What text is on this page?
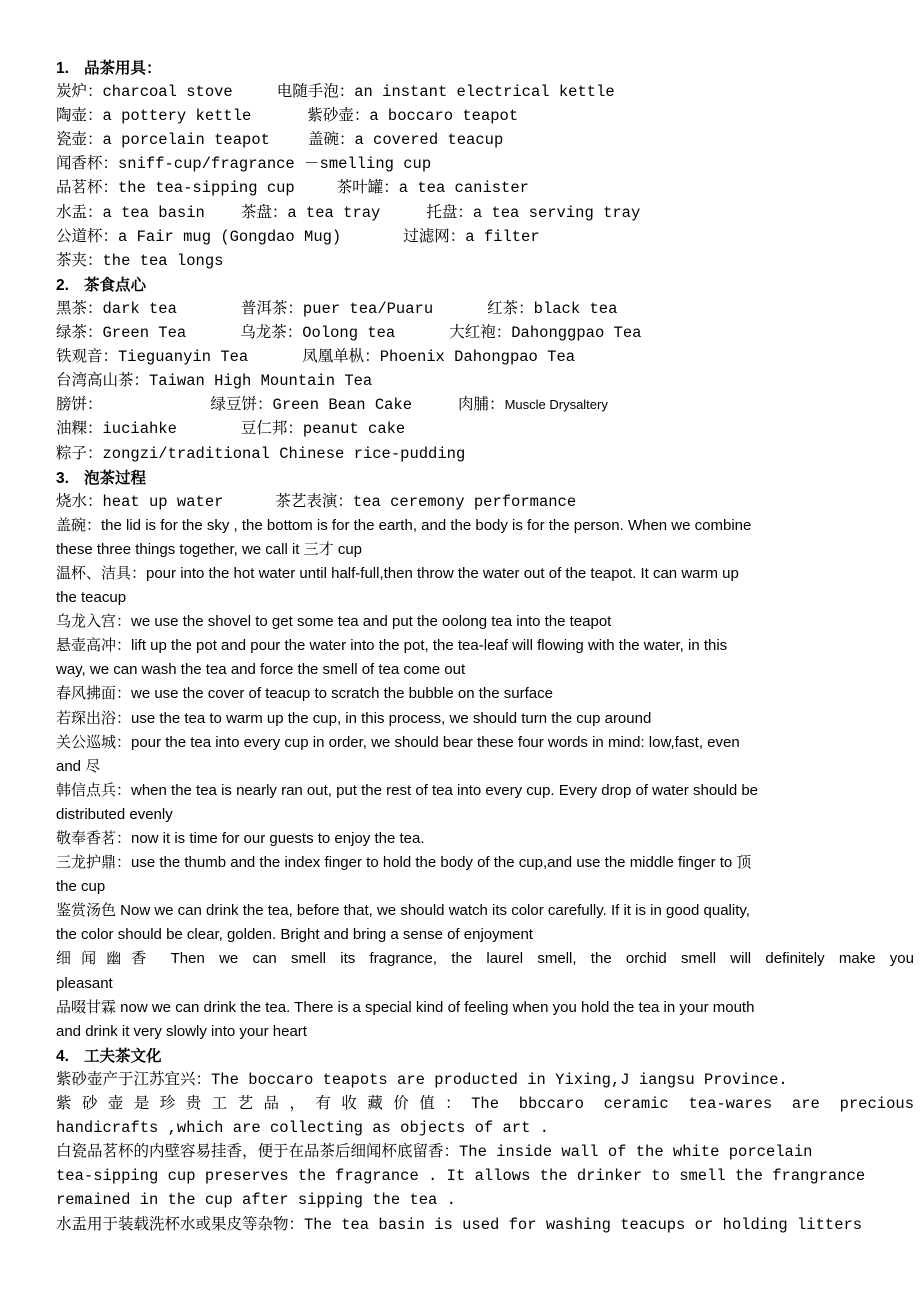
1. 品茶用具：
炭炉：charcoal stove	电随手泡：an instant electrical kettle
陶壶：a pottery kettle	紫砂壶：a boccaro teapot
瓷壶：a porcelain teapot 盖碗：a covered teacup
闻香杯：sniff-cup/fragrance －smelling cup
品茗杯：the tea-sipping cup	茶叶罐：a tea canister
水盂：a tea basin 茶盘：a tea tray	托盘：a tea serving tray
公道杯：a Fair mug (Gongdao Mug)	过滤网：a filter
茶夹：the tea longs
2. 茶食点心
黑茶：dark tea	普洱茶：puer tea/Puaru	红茶：black tea
绿茶：Green Tea	乌龙茶：Oolong tea	大红袍：Dahonggpao Tea
铁观音：Tieguanyin Tea	凤凰单枞：Phoenix Dahongpao Tea
台湾高山茶：Taiwan High Mountain Tea
膀饼：	绿豆饼：Green Bean Cake	肉脯：Muscle Drysaltery
油粿：iuciahke	豆仁邦：peanut cake
粽子：zongzi/traditional Chinese rice-pudding
3. 泡茶过程
烧水：heat up water	茶艺表演：tea ceremony performance
盖碗：the lid is for the sky , the bottom is for the earth, and the body is for the person. When we combine
these three things together, we call it 三才 cup
温杯、洁具：pour into the hot water until half-full,then throw the water out of the teapot. It can warm up
the teacup
乌龙入宫：we use the shovel to get some tea and put the oolong tea into the teapot
悬壶高冲：lift up the pot and pour the water into the pot, the tea-leaf will flowing with the water, in this
way, we can wash the tea and force the smell of tea come out
春风拂面：we use the cover of teacup to scratch the bubble on the surface
若琛出浴：use the tea to warm up the cup, in this process, we should turn the cup around
关公巡城：pour the tea into every cup in order, we should bear these four words in mind: low,fast, even
and 尽
韩信点兵：when the tea is nearly ran out, put the rest of tea into every cup. Every drop of water should be
distributed evenly
敬奉香茗：now it is time for our guests to enjoy the tea.
三龙护鼎：use the thumb and the index finger to hold the body of the cup,and use the middle finger to 顶
the cup
鉴赏汤色 Now we can drink the tea, before that, we should watch its color carefully. If it is in good quality,
the color should be clear, golden. Bright and bring a sense of enjoyment
细闻幽香 Then we can smell its fragrance, the laurel smell, the orchid smell will definitely make you
pleasant
品啜甘霖 now we can drink the tea. There is a special kind of feeling when you hold the tea in your mouth
and drink it very slowly into your heart
4. 工夫茶文化
紫砂壶产于江苏宜兴：The boccaro teapots are producted in Yixing,J iangsu Province.
紫砂壶是珍贵工艺品，有收藏价值：The bbccaro ceramic tea-wares are precious
handicrafts ,which are collecting as objects of art .
白瓷品茗杯的内壁容易挂香，便于在品茶后细闻杯底留香：The inside wall of the white porcelain
tea-sipping cup preserves the fragrance . It allows the drinker to smell the frangrance
remained in the cup after sipping the tea .
水盂用于装载洗杯水或果皮等杂物：The tea basin is used for washing teacups or holding litters
